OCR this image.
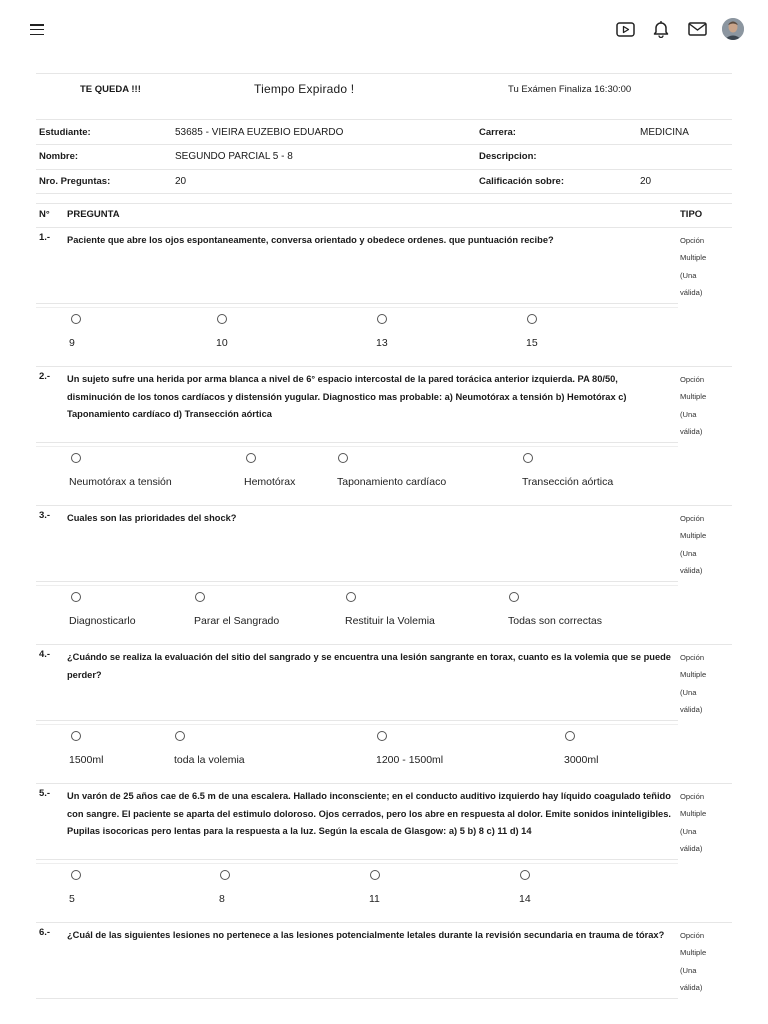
TE QUEDA !!!	Tiempo Expirado !	Tu Exámen Finaliza 16:30:00
Estudiante:	53685 - VIEIRA EUZEBIO EDUARDO	Carrera:	MEDICINA
Nombre:	SEGUNDO PARCIAL 5 - 8	Descripcion:	
Nro. Preguntas:	20	Calificación sobre:	20
N° PREGUNTA	TIPO
1.- Paciente que abre los ojos espontaneamente, conversa orientado y obedece ordenes. que puntuación recibe?	Opción
Multiple
(Una
válida)
9	10	13	15
2.- Un sujeto sufre una herida por arma blanca a nivel de 6° espacio intercostal de la pared torácica anterior izquierda. PA 80/50, disminución de los tonos cardíacos y distensión yugular. Diagnostico mas probable: a) Neumotórax a tensión b) Hemotórax c) Taponamiento cardíaco d) Transección aórtica
Opción
Multiple
(Una
válida)
Neumotórax a tensión	Hemotórax	Taponamiento cardíaco	Transección aórtica
3.- Cuales son las prioridades del shock?	Opción
Multiple
(Una
válida)
Diagnosticarlo	Parar el Sangrado	Restituir la Volemia	Todas son correctas
4.- ¿Cuándo se realiza la evaluación del sitio del sangrado y se encuentra una lesión sangrante en torax, cuanto es la volemia que se puede perder?
Opción
Multiple
(Una
válida)
1500ml	toda la volemia	1200 - 1500ml	3000ml
5.- Un varón de 25 años cae de 6.5 m de una escalera. Hallado inconsciente; en el conducto auditivo izquierdo hay líquido coagulado teñido con sangre. El paciente se aparta del estimulo doloroso. Ojos cerrados, pero los abre en respuesta al dolor. Emite sonidos ininteligibles. Pupilas isocoricas pero lentas para la respuesta a la luz. Según la escala de Glasgow: a) 5 b) 8 c) 11 d) 14
Opción
Multiple
(Una
válida)
5	8	11	14
6.- ¿Cuál de las siguientes lesiones no pertenece a las lesiones potencialmente letales durante la revisión secundaria en trauma de tórax?	Opción
Multiple
(Una
válida)
